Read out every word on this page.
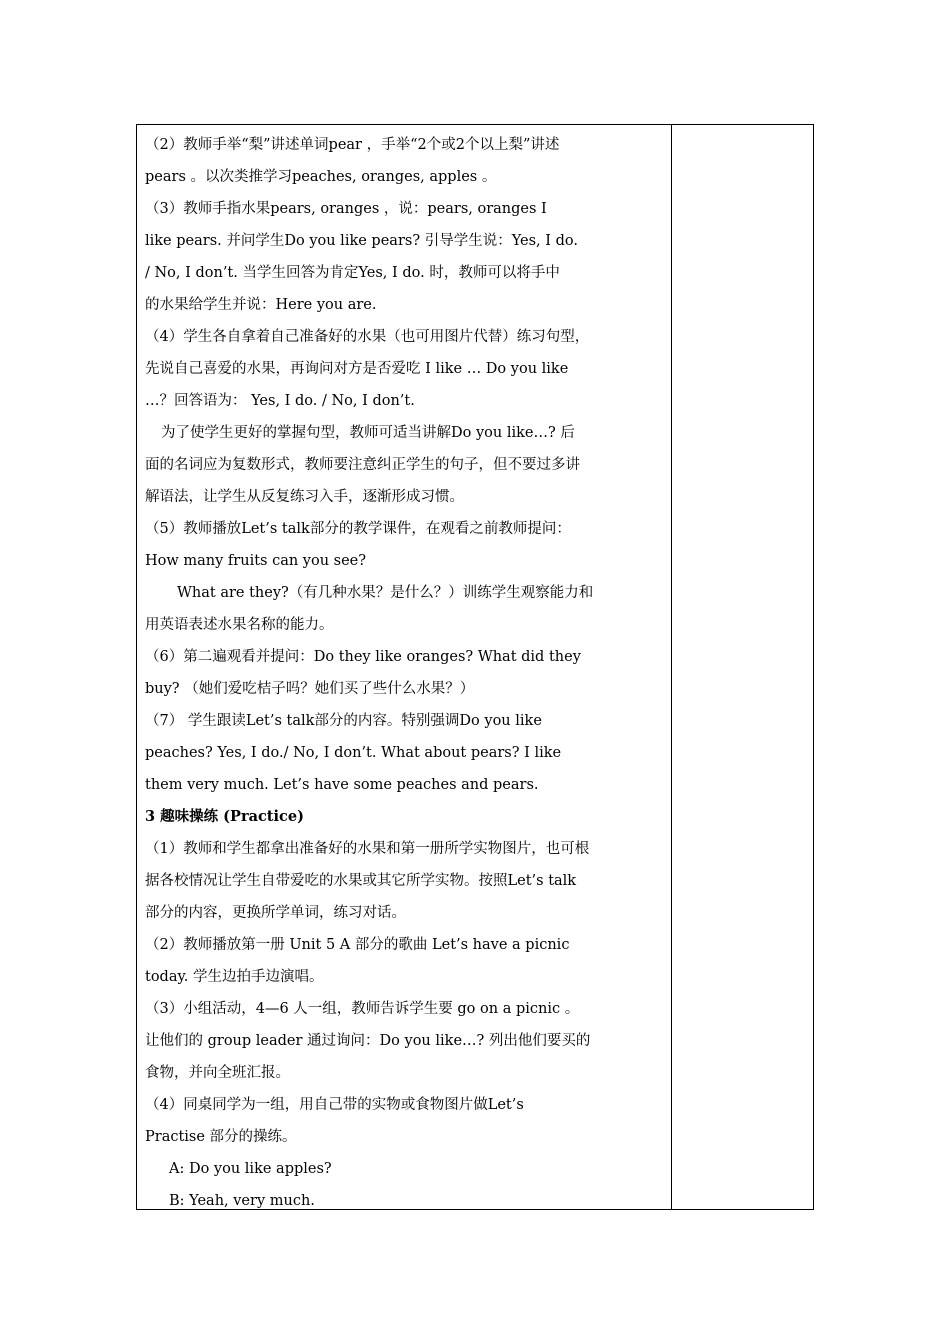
（2）教师手举“梨”讲述单词pear ，手举“2个或2个以上梨”讲述

pears 。以次类推学习peaches, oranges, apples 。

（3）教师手指水果pears, oranges ，说：pears, oranges I

like pears. 并问学生Do you like pears? 引导学生说：Yes, I do.

/ No, I don’t. 当学生回答为肯定Yes, I do. 时，教师可以将手中

的水果给学生并说：Here you are.

（4）学生各自拿着自己准备好的水果（也可用图片代替）练习句型，

先说自己喜爱的水果，再询问对方是否爱吃 I like … Do you like

…？回答语为： Yes, I do. / No, I don’t.

为了使学生更好的掌握句型，教师可适当讲解Do you like…? 后

面的名词应为复数形式，教师要注意纠正学生的句子，但不要过多讲

解语法，让学生从反复练习入手，逐渐形成习惯。

（5）教师播放Let’s talk部分的教学课件，在观看之前教师提问：

How many fruits can you see?

What are they?（有几种水果？是什么？）训练学生观察能力和

用英语表述水果名称的能力。

（6）第二遍观看并提问：Do they like oranges? What did they

buy? （她们爱吃桔子吗？她们买了些什么水果？）

（7） 学生跟读Let’s talk部分的内容。特别强调Do you like

peaches? Yes, I do./ No, I don’t. What about pears? I like

them very much. Let’s have some peaches and pears.

3 趣味操练 (Practice)

（1）教师和学生都拿出准备好的水果和第一册所学实物图片，也可根

据各校情况让学生自带爱吃的水果或其它所学实物。按照Let’s talk

部分的内容，更换所学单词，练习对话。

（2）教师播放第一册 Unit 5 A 部分的歌曲 Let’s have a picnic

today. 学生边拍手边演唱。

（3）小组活动，4—6 人一组，教师告诉学生要 go on a picnic 。

让他们的 group leader 通过询问：Do you like…? 列出他们要买的

食物，并向全班汇报。

（4）同桌同学为一组，用自己带的实物或食物图片做Let’s

Practise 部分的操练。

A: Do you like apples?

B: Yeah, very much.
